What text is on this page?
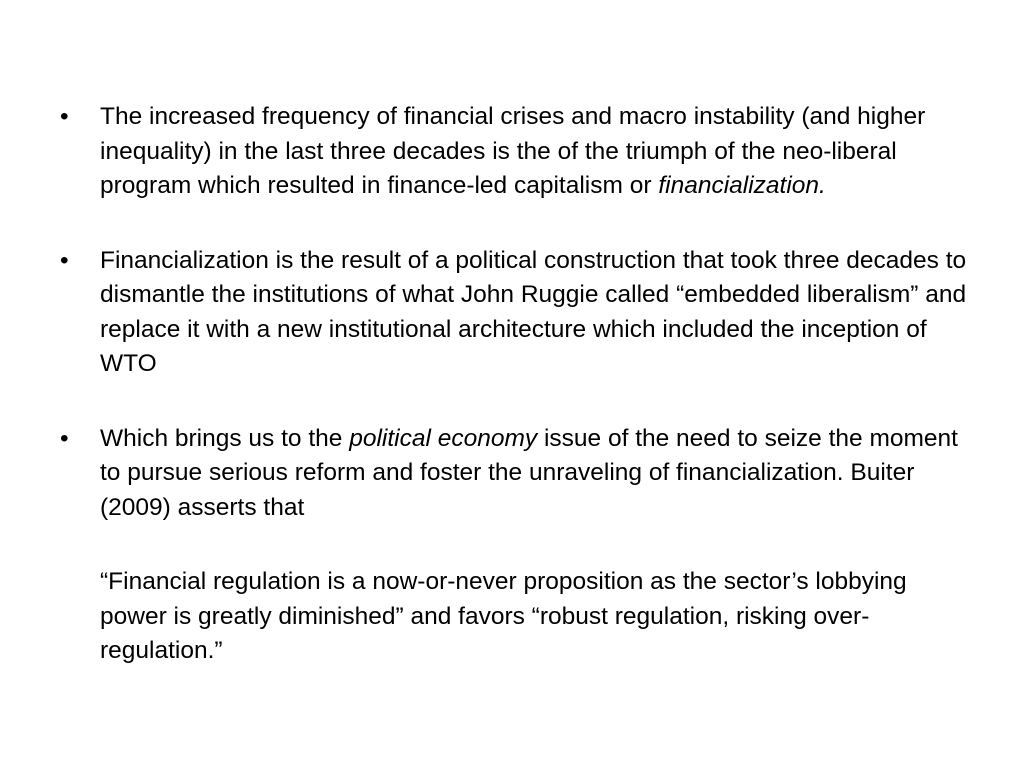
• The increased frequency of financial crises and macro instability (and higher inequality) in the last three decades is the of the triumph of the neo-liberal program which resulted in finance-led capitalism or financialization.
• Financialization is the result of a political construction that took three decades to dismantle the institutions of what John Ruggie called “embedded liberalism” and replace it with a new institutional architecture which included the inception of WTO
• Which brings us to the political economy issue of the need to seize the moment to pursue serious reform and foster the unraveling of financialization. Buiter (2009) asserts that
“Financial regulation is a now-or-never proposition as the sector’s lobbying power is greatly diminished” and favors “robust regulation, risking over-regulation.”
